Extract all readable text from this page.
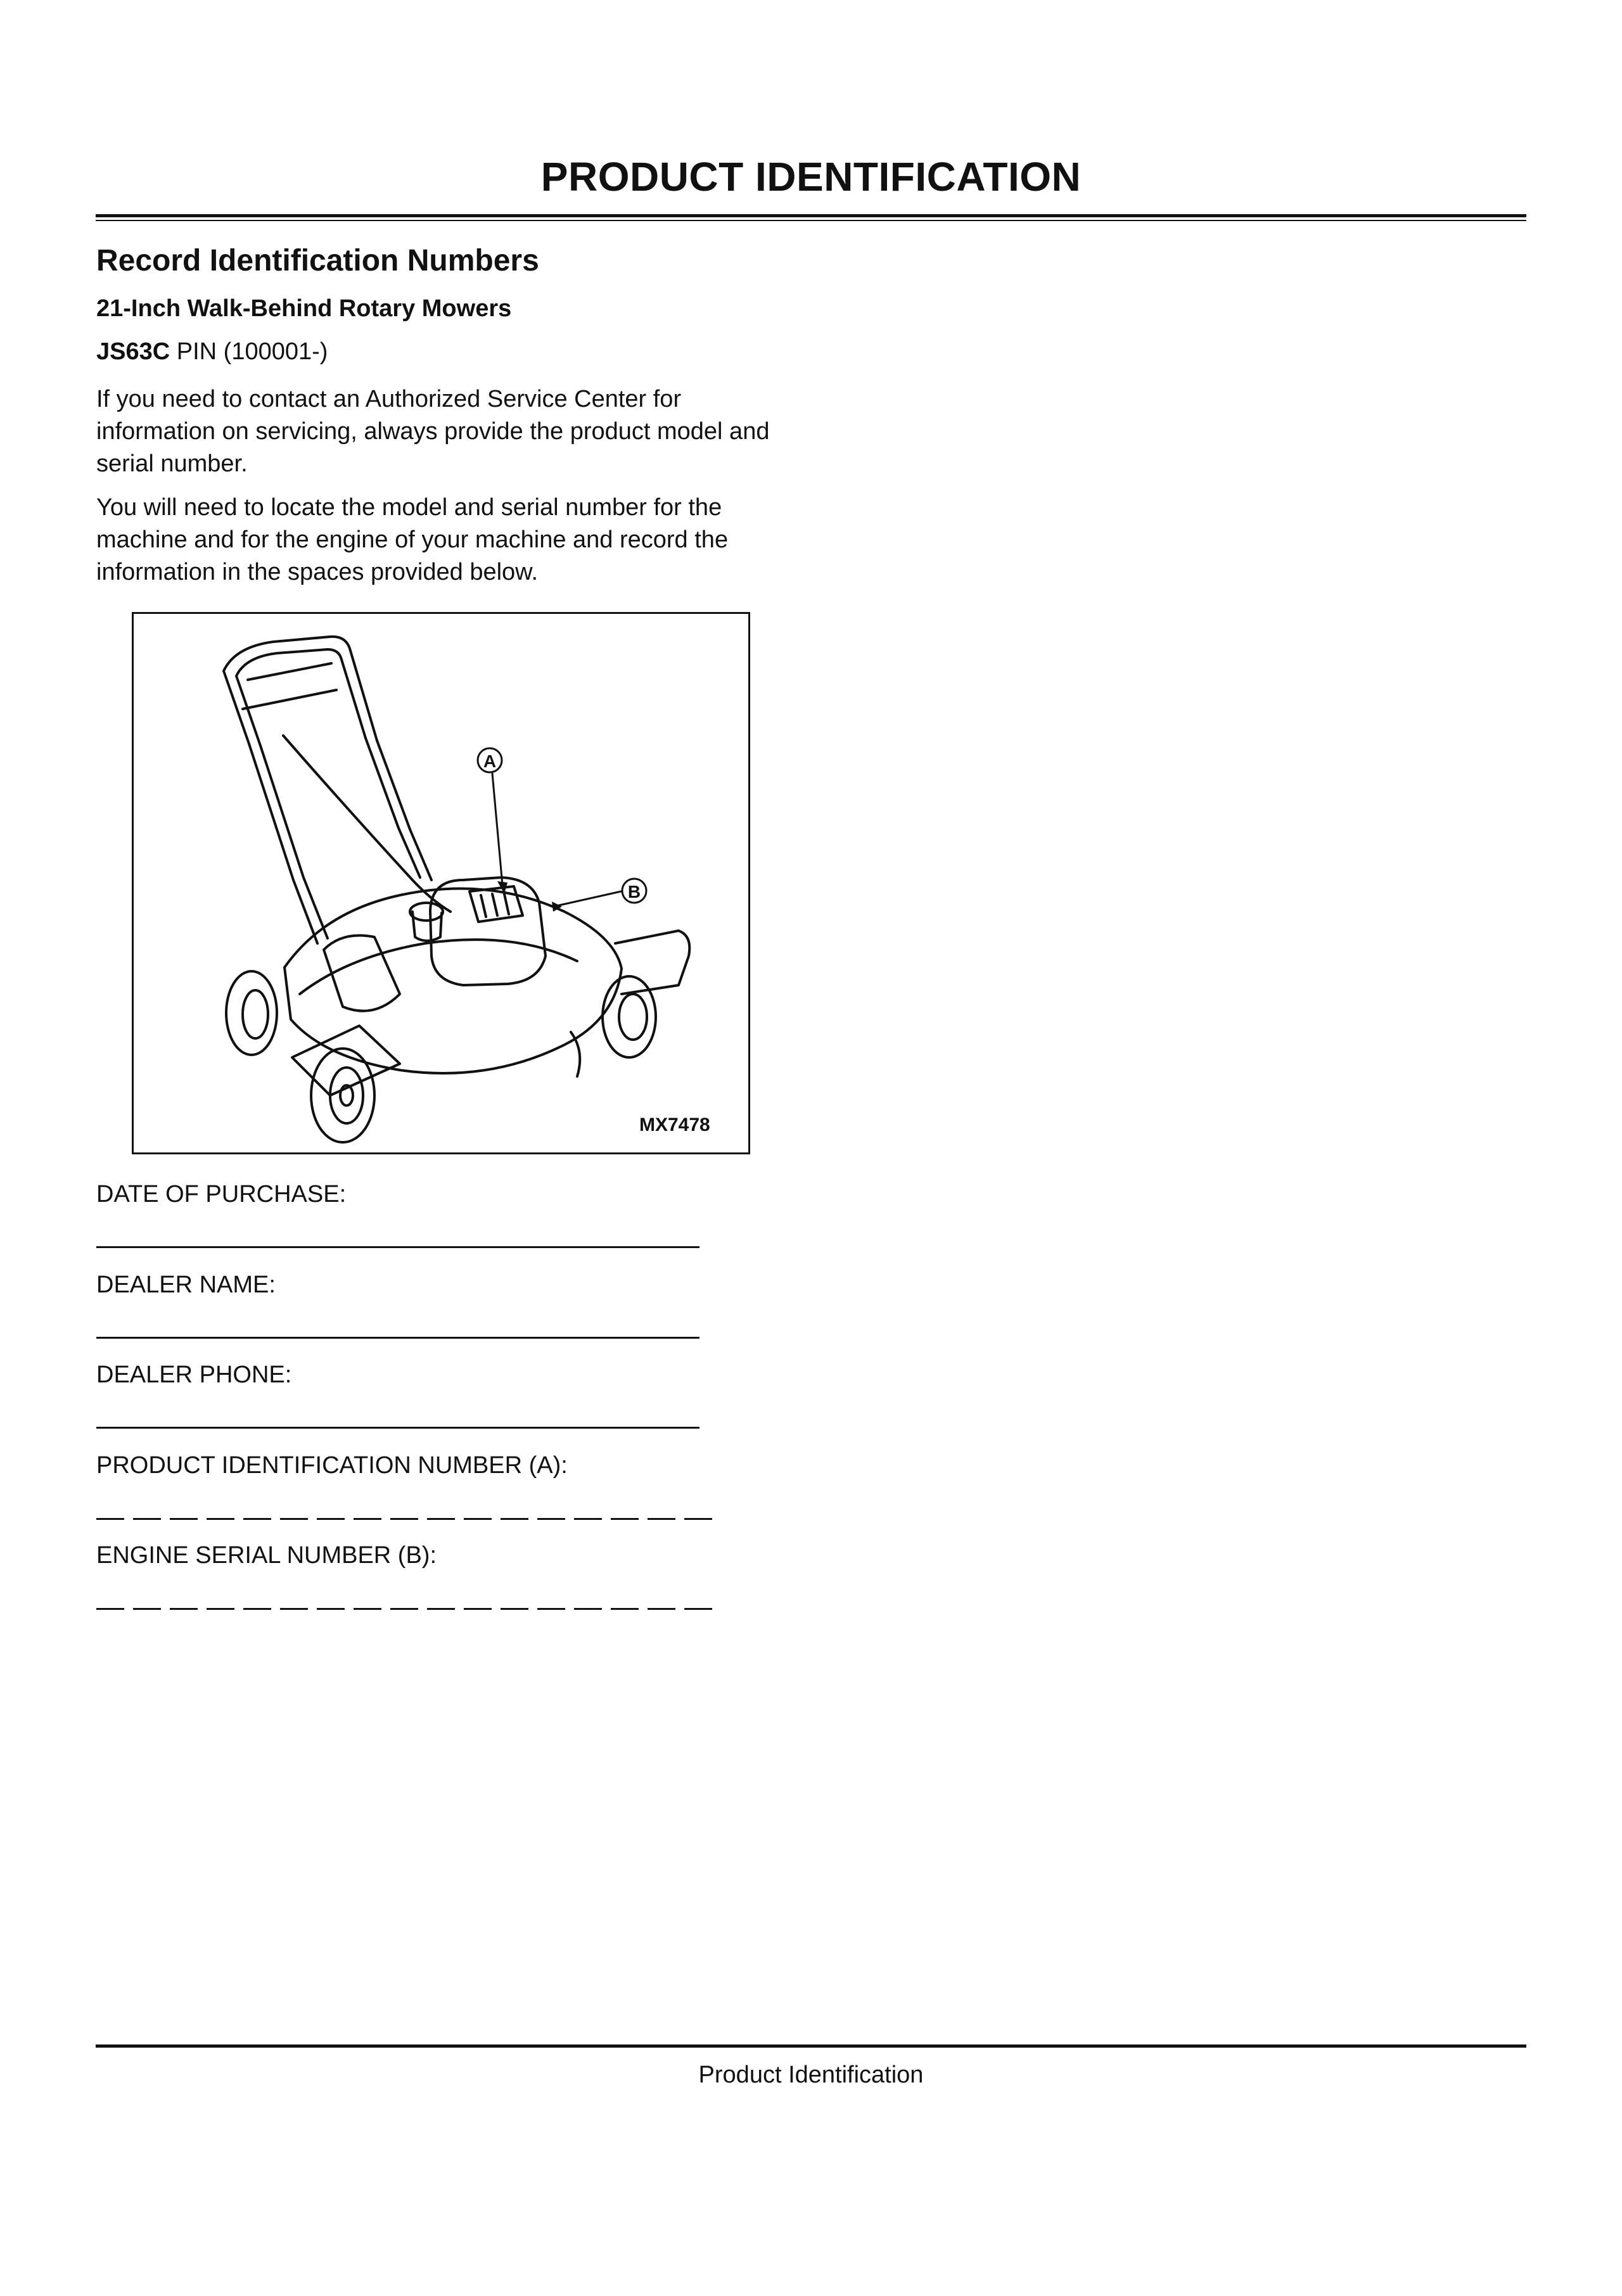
PRODUCT IDENTIFICATION
Record Identification Numbers
21-Inch Walk-Behind Rotary Mowers
JS63C PIN (100001-)
If you need to contact an Authorized Service Center for information on servicing, always provide the product model and serial number.
You will need to locate the model and serial number for the machine and for the engine of your machine and record the information in the spaces provided below.
A
B
MX7478
DATE OF PURCHASE:
DEALER NAME:
DEALER PHONE:
PRODUCT IDENTIFICATION NUMBER (A):
ENGINE SERIAL NUMBER (B):
Product Identification
